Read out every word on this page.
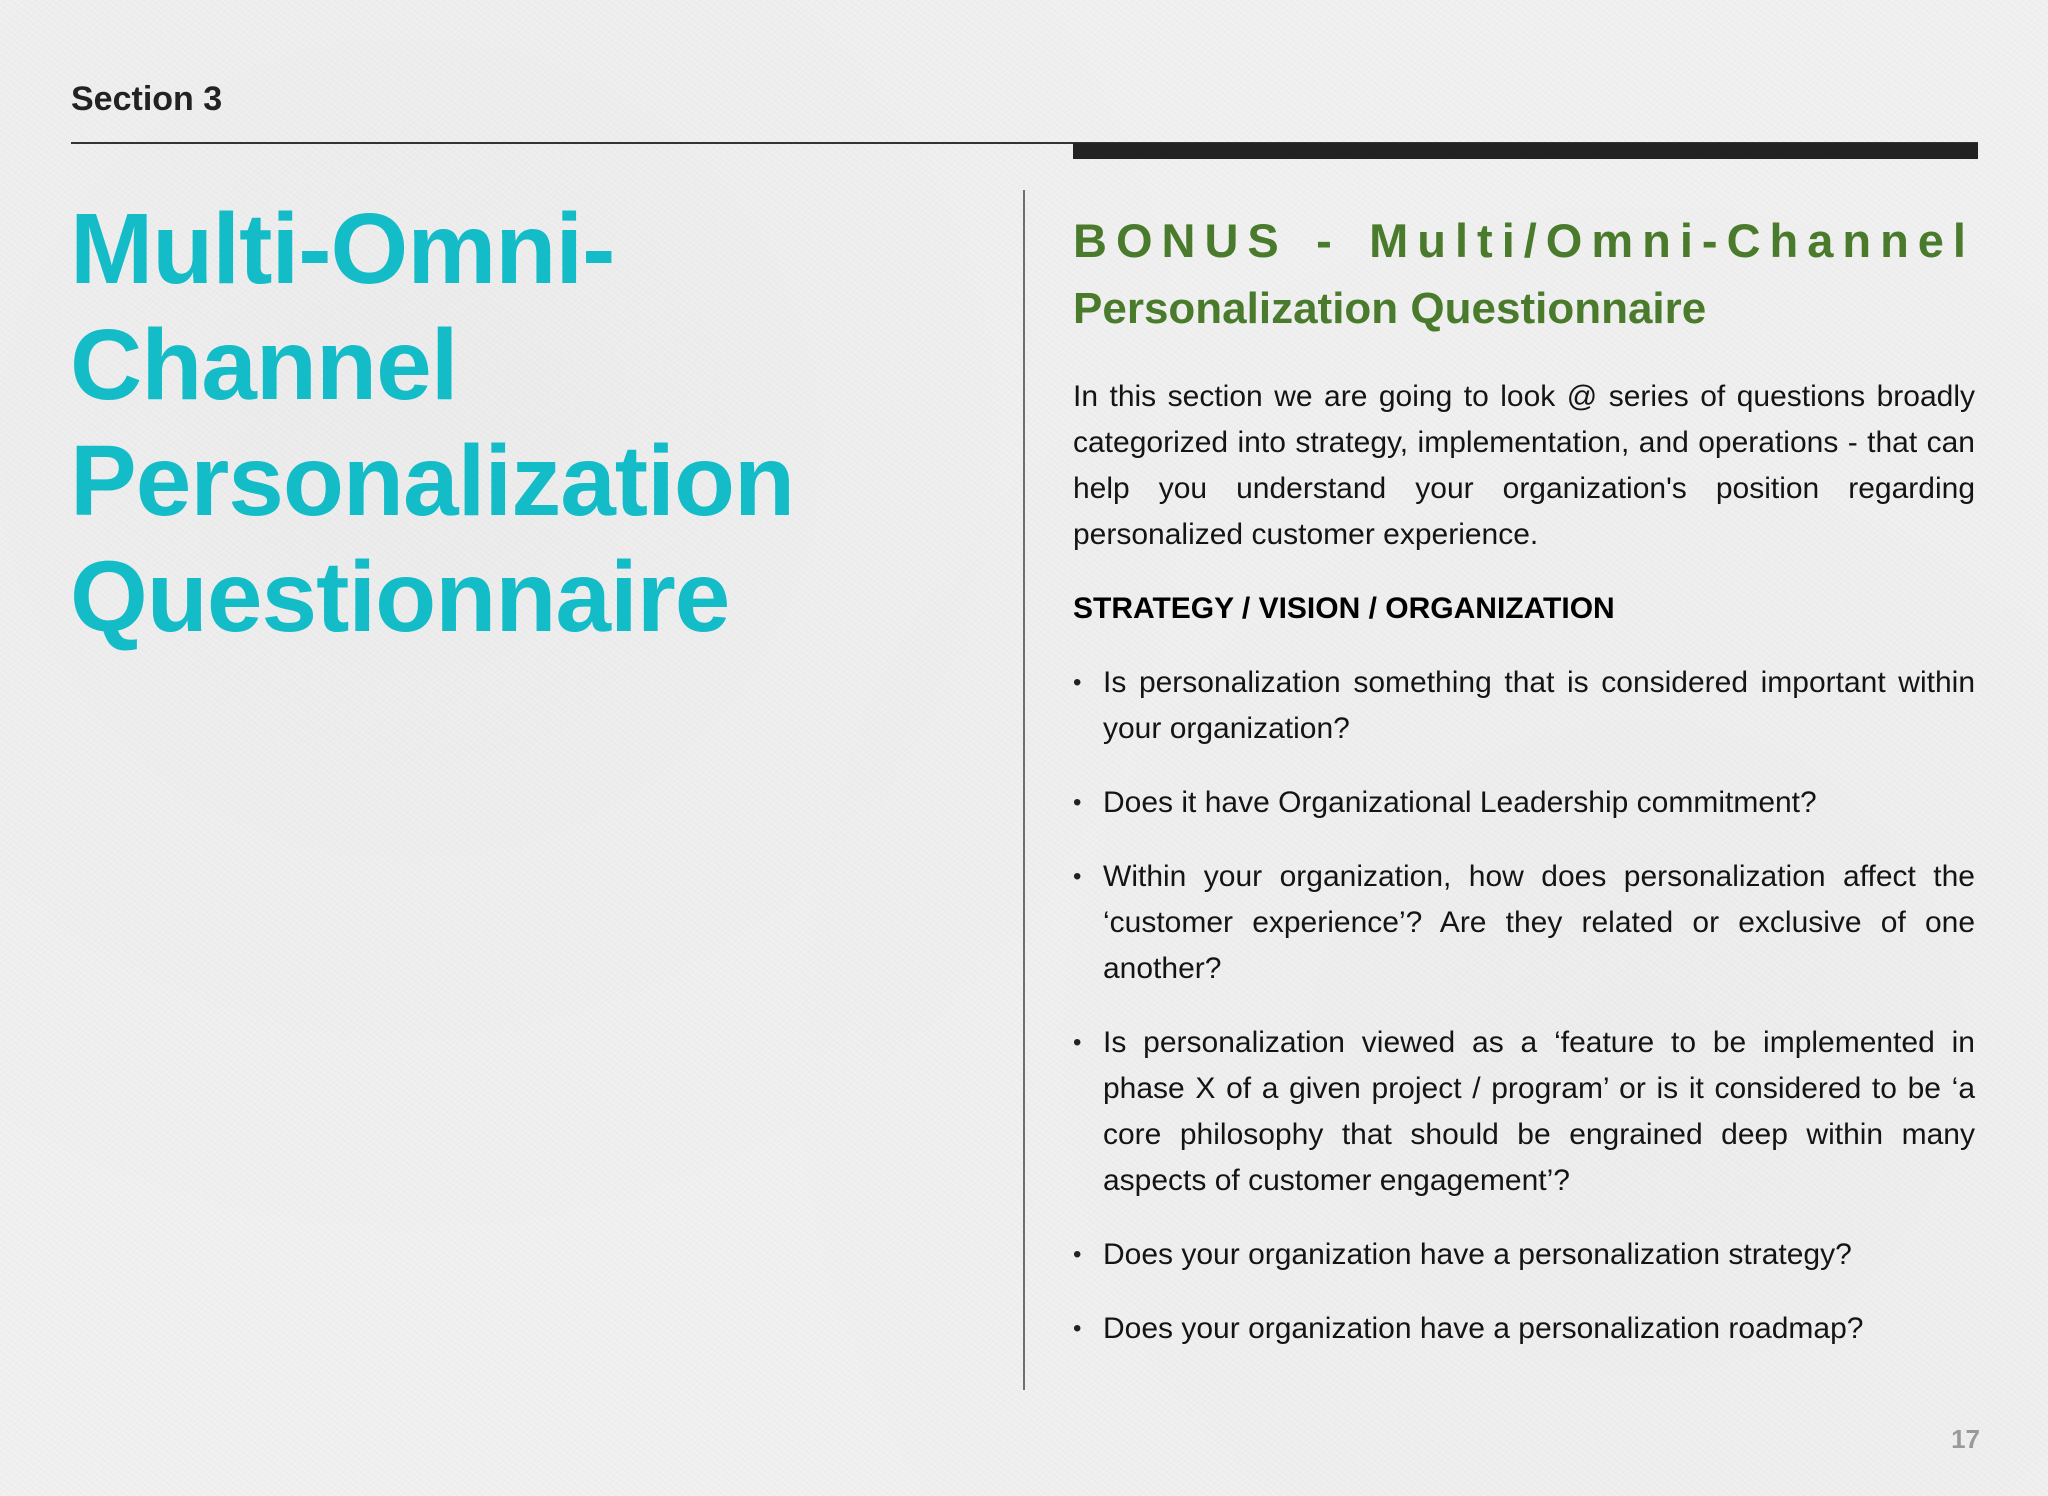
Section 3
Multi-Omni-
Channel
Personalization
Questionnaire
BONUS - Multi/Omni-Channel
Personalization Questionnaire

In this section we are going to look @ series of questions broadly categorized into strategy, implementation, and operations - that can help you understand your organization's position regarding personalized customer experience.

STRATEGY / VISION / ORGANIZATION

• Is personalization something that is considered important within your organization?
• Does it have Organizational Leadership commitment?
• Within your organization, how does personalization affect the ‘customer experience’? Are they related or exclusive of one another?
• Is personalization viewed as a ‘feature to be implemented in phase X of a given project / program’ or is it considered to be ‘a core philosophy that should be engrained deep within many aspects of customer engagement’?
• Does your organization have a personalization strategy?
• Does your organization have a personalization roadmap?
17
